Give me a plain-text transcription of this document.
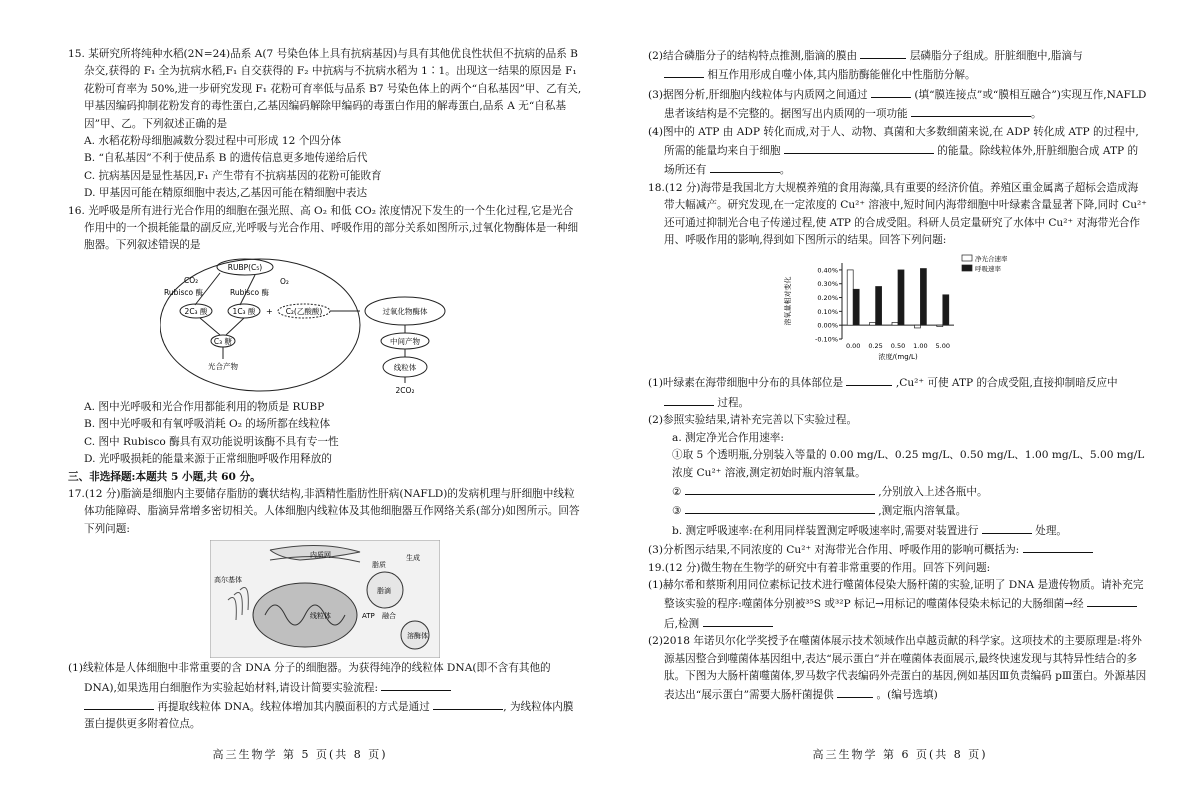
15. 某研究所将纯种水稻(2N=24)品系 A(7 号染色体上具有抗病基因)与具有其他优良性状但不抗病的品系 B 杂交,获得的 F₁ 全为抗病水稻,F₁ 自交获得的 F₂ 中抗病与不抗病水稻为 1∶1。出现这一结果的原因是 F₁ 花粉可育率为 50%,进一步研究发现 F₁ 花粉可育率低与品系 B7 号染色体上的两个“自私基因”甲、乙有关,甲基因编码抑制花粉发育的毒性蛋白,乙基因编码解除甲编码的毒蛋白作用的解毒蛋白,品系 A 无“自私基因”甲、乙。下列叙述正确的是

A. 水稻花粉母细胞减数分裂过程中可形成 12 个四分体

B. “自私基因”不利于使品系 B 的遗传信息更多地传递给后代

C. 抗病基因是显性基因,F₁ 产生带有不抗病基因的花粉可能敗育

D. 甲基因可能在精原细胞中表达,乙基因可能在精细胞中表达

16. 光呼吸是所有进行光合作用的细胞在强光照、高 O₂ 和低 CO₂ 浓度情况下发生的一个生化过程,它是光合作用中的一个损耗能量的副反应,光呼吸与光合作用、呼吸作用的部分关系如图所示,过氧化物酶体是一种细胞器。下列叙述错误的是

RUBP(C₅)
CO₂	O₂
Rubisco 酶	Rubisco 酶
2C₃ 酸	1C₃ 酸 + C₂(乙酸酸)
C₃ 糖
光合产物
过氧化物酶体
中间产物
线粒体
2CO₂

A. 图中光呼吸和光合作用都能利用的物质是 RUBP

B. 图中光呼吸和有氧呼吸消耗 O₂ 的场所都在线粒体

C. 图中 Rubisco 酶具有双功能说明该酶不具有专一性

D. 光呼吸损耗的能量来源于正常细胞呼吸作用释放的

三、非选择题:本题共 5 小题,共 60 分。

17.(12 分)脂滴是细胞内主要储存脂肪的囊状结构,非酒精性脂肪性肝病(NAFLD)的发病机理与肝细胞中线粒体功能障碍、脂滴异常增多密切相关。人体细胞内线粒体及其他细胞器互作网络关系(部分)如图所示。回答下列问题:

内质网
高尔基体
线粒体
脂滴
脂质
生成
ATP 融合
溶酶体

(1)线粒体是人体细胞中非常重要的含 DNA 分子的细胞器。为获得纯净的线粒体 DNA(即不含有其他的 DNA),如果选用白细胞作为实验起始材料,请设计简要实验流程:
再提取线粒体 DNA。线粒体增加其内膜面积的方式是通过	, 为线粒体内膜蛋白提供更多附着位点。

高三生物学 第 5 页(共 8 页)

(2)结合磷脂分子的结构特点推测,脂滴的膜由	层磷脂分子组成。肝脏细胞中,脂滴与
相互作用形成自噬小体,其内脂肪酶能催化中性脂肪分解。

(3)据图分析,肝细胞内线粒体与内质网之间通过	(填“膜连接点”或“膜相互融合”)实现互作,NAFLD 患者该结构是不完整的。据图写出内质网的一项功能	。

(4)图中的 ATP 由 ADP 转化而成,对于人、动物、真菌和大多数细菌来说,在 ADP 转化成 ATP 的过程中,所需的能量均来自于细胞	的能量。除线粒体外,肝脏细胞合成 ATP 的场所还有	。

18.(12 分)海带是我国北方大规模养殖的食用海藻,具有重要的经济价值。养殖区重金属离子超标会造成海带大幅减产。研究发现,在一定浓度的 Cu²⁺ 溶液中,短时间内海带细胞中叶绿素含量显著下降,同时 Cu²⁺ 还可通过抑制光合电子传递过程,使 ATP 的合成受阻。科研人员定量研究了水体中 Cu²⁺ 对海带光合作用、呼吸作用的影响,得到如下图所示的结果。回答下列问题:

0.40%
0.30%
0.20%
0.10%
0.00%
-0.10%
溶氧量相对变化
0.00 0.25 0.50 1.00 5.00
浓度/(mg/L)
净光合速率
呼吸速率

(1)叶绿素在海带细胞中分布的具体部位是	,Cu²⁺ 可使 ATP 的合成受阻,直接抑制暗反应中  过程。

(2)参照实验结果,请补充完善以下实验过程。

a. 测定净光合作用速率:

①取 5 个透明瓶,分别装入等量的 0.00 mg/L、0.25 mg/L、0.50 mg/L、1.00 mg/L、5.00 mg/L 浓度 Cu²⁺ 溶液,测定初始时瓶内溶氧量。

②	,分别放入上述各瓶中。

③	,测定瓶内溶氧量。

b. 测定呼吸速率:在利用同样装置测定呼吸速率时,需要对装置进行	处理。

(3)分析图示结果,不同浓度的 Cu²⁺ 对海带光合作用、呼吸作用的影响可概括为:

19.(12 分)微生物在生物学的研究中有着非常重要的作用。回答下列问题:

(1)赫尔希和蔡斯利用同位素标记技术进行噬菌体侵染大肠杆菌的实验,证明了 DNA 是遗传物质。请补充完整该实验的程序:噬菌体分别被³⁵S 或³²P 标记→用标记的噬菌体侵染未标记的大肠细菌→经  后,检测

(2)2018 年诺贝尔化学奖授予在噬菌体展示技术领域作出卓越贡献的科学家。这项技术的主要原理是:将外源基因整合到噬菌体基因组中,表达“展示蛋白”并在噬菌体表面展示,最终快速发现与其特异性结合的多肽。下图为大肠杆菌噬菌体,罗马数字代表编码外壳蛋白的基因,例如基因Ⅲ负责编码 pⅢ蛋白。外源基因表达出“展示蛋白”需要大肠杆菌提供	。(编号选填)

高三生物学 第 6 页(共 8 页)
